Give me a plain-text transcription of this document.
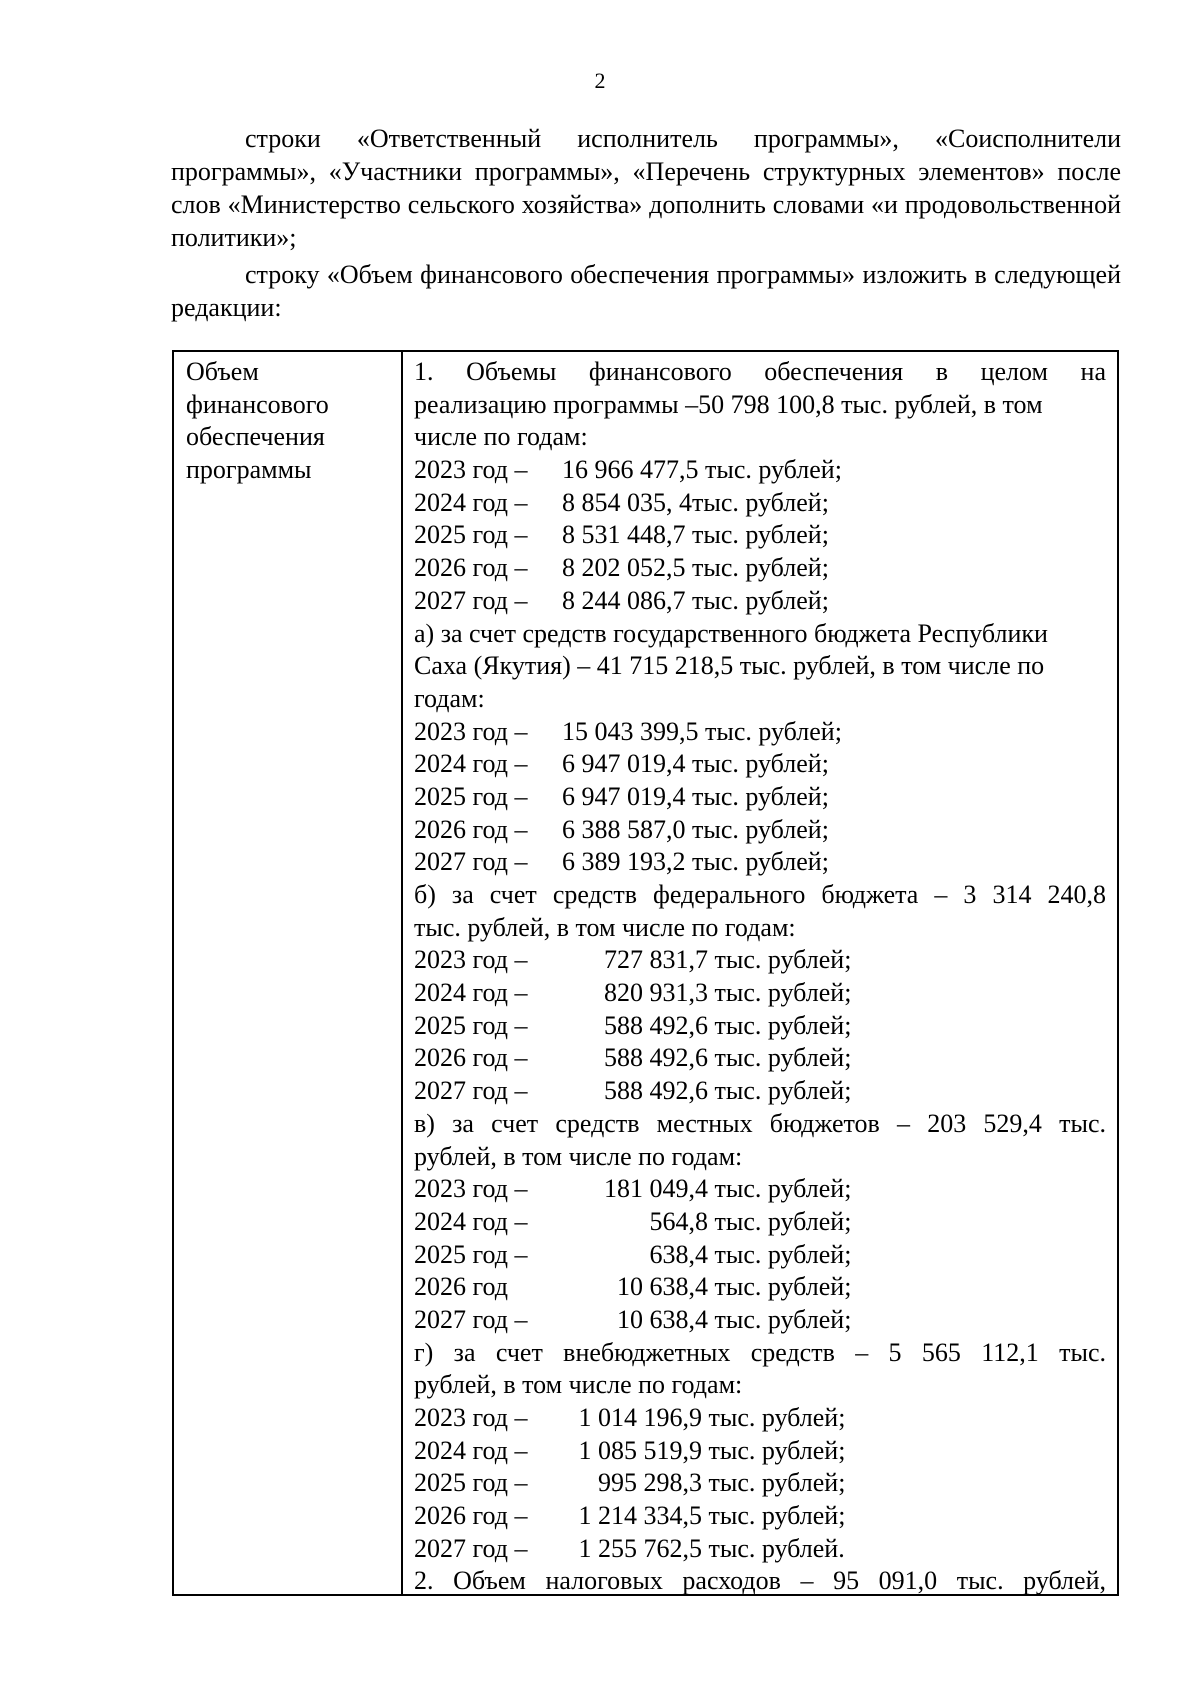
2

строки «Ответственный исполнитель программы», «Соисполнители программы», «Участники программы», «Перечень структурных элементов» после слов «Министерство сельского хозяйства» дополнить словами «и продовольственной политики»;

строку «Объем финансового обеспечения программы» изложить в следующей редакции:

Объем
финансового
обеспечения
программы
1. Объемы финансового обеспечения в целом на
реализацию программы –50 798 100,8 тыс. рублей, в том
числе по годам:
2023 год – 16 966 477,5 тыс. рублей;
2024 год – 8 854 035, 4тыс. рублей;
2025 год – 8 531 448,7 тыс. рублей;
2026 год – 8 202 052,5 тыс. рублей;
2027 год – 8 244 086,7 тыс. рублей;
а) за счет средств государственного бюджета Республики
Саха (Якутия) – 41 715 218,5 тыс. рублей, в том числе по
годам:
2023 год – 15 043 399,5 тыс. рублей;
2024 год – 6 947 019,4 тыс. рублей;
2025 год – 6 947 019,4 тыс. рублей;
2026 год – 6 388 587,0 тыс. рублей;
2027 год – 6 389 193,2 тыс. рублей;
б) за счет средств федерального бюджета – 3 314 240,8
тыс. рублей, в том числе по годам:
2023 год –	727 831,7 тыс. рублей;
2024 год –	820 931,3 тыс. рублей;
2025 год –	588 492,6 тыс. рублей;
2026 год –	588 492,6 тыс. рублей;
2027 год –	588 492,6 тыс. рублей;
в) за счет средств местных бюджетов – 203 529,4 тыс.
рублей, в том числе по годам:
2023 год –	181 049,4 тыс. рублей;
2024 год –	564,8 тыс. рублей;
2025 год –	638,4 тыс. рублей;
2026 год	10 638,4 тыс. рублей;
2027 год –	10 638,4 тыс. рублей;
г) за счет внебюджетных средств – 5 565 112,1 тыс.
рублей, в том числе по годам:
2023 год – 1 014 196,9 тыс. рублей;
2024 год – 1 085 519,9 тыс. рублей;
2025 год –	995 298,3 тыс. рублей;
2026 год – 1 214 334,5 тыс. рублей;
2027 год – 1 255 762,5 тыс. рублей.
2. Объем налоговых расходов – 95 091,0 тыс. рублей,
